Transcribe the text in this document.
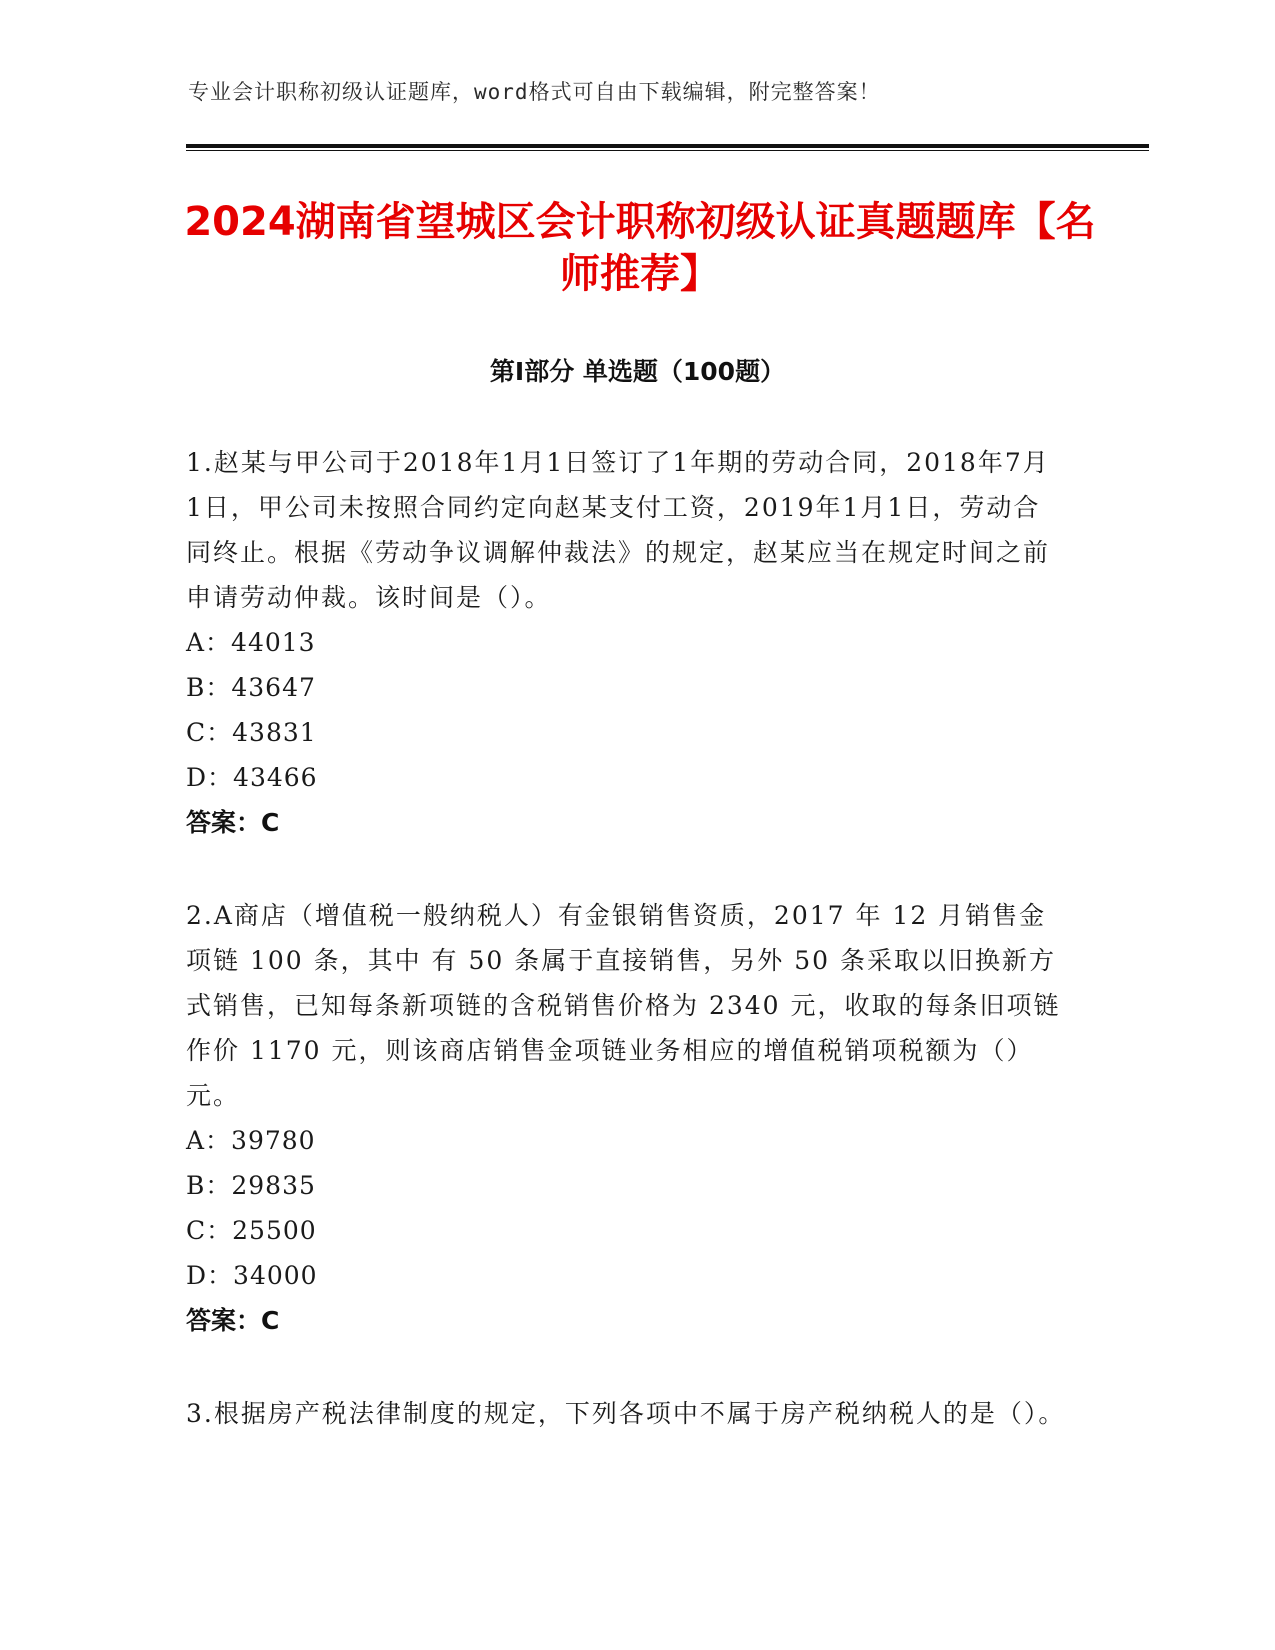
专业会计职称初级认证题库，word格式可自由下载编辑，附完整答案！
2024湖南省望城区会计职称初级认证真题题库【名师推荐】
第I部分 单选题（100题）

1.赵某与甲公司于2018年1月1日签订了1年期的劳动合同，2018年7月1日，甲公司未按照合同约定向赵某支付工资，2019年1月1日，劳动合同终止。根据《劳动争议调解仲裁法》的规定，赵某应当在规定时间之前申请劳动仲裁。该时间是（）。

A：44013

B：43647

C：43831

D：43466

答案：C

2.A商店（增值税一般纳税人）有金银销售资质，2017 年 12 月销售金项链 100 条，其中 有 50 条属于直接销售，另外 50 条采取以旧换新方式销售，已知每条新项链的含税销售价格为 2340 元，收取的每条旧项链作价 1170 元，则该商店销售金项链业务相应的增值税销项税额为（）元。

A：39780

B：29835

C：25500

D：34000

答案：C

3.根据房产税法律制度的规定，下列各项中不属于房产税纳税人的是（）。
